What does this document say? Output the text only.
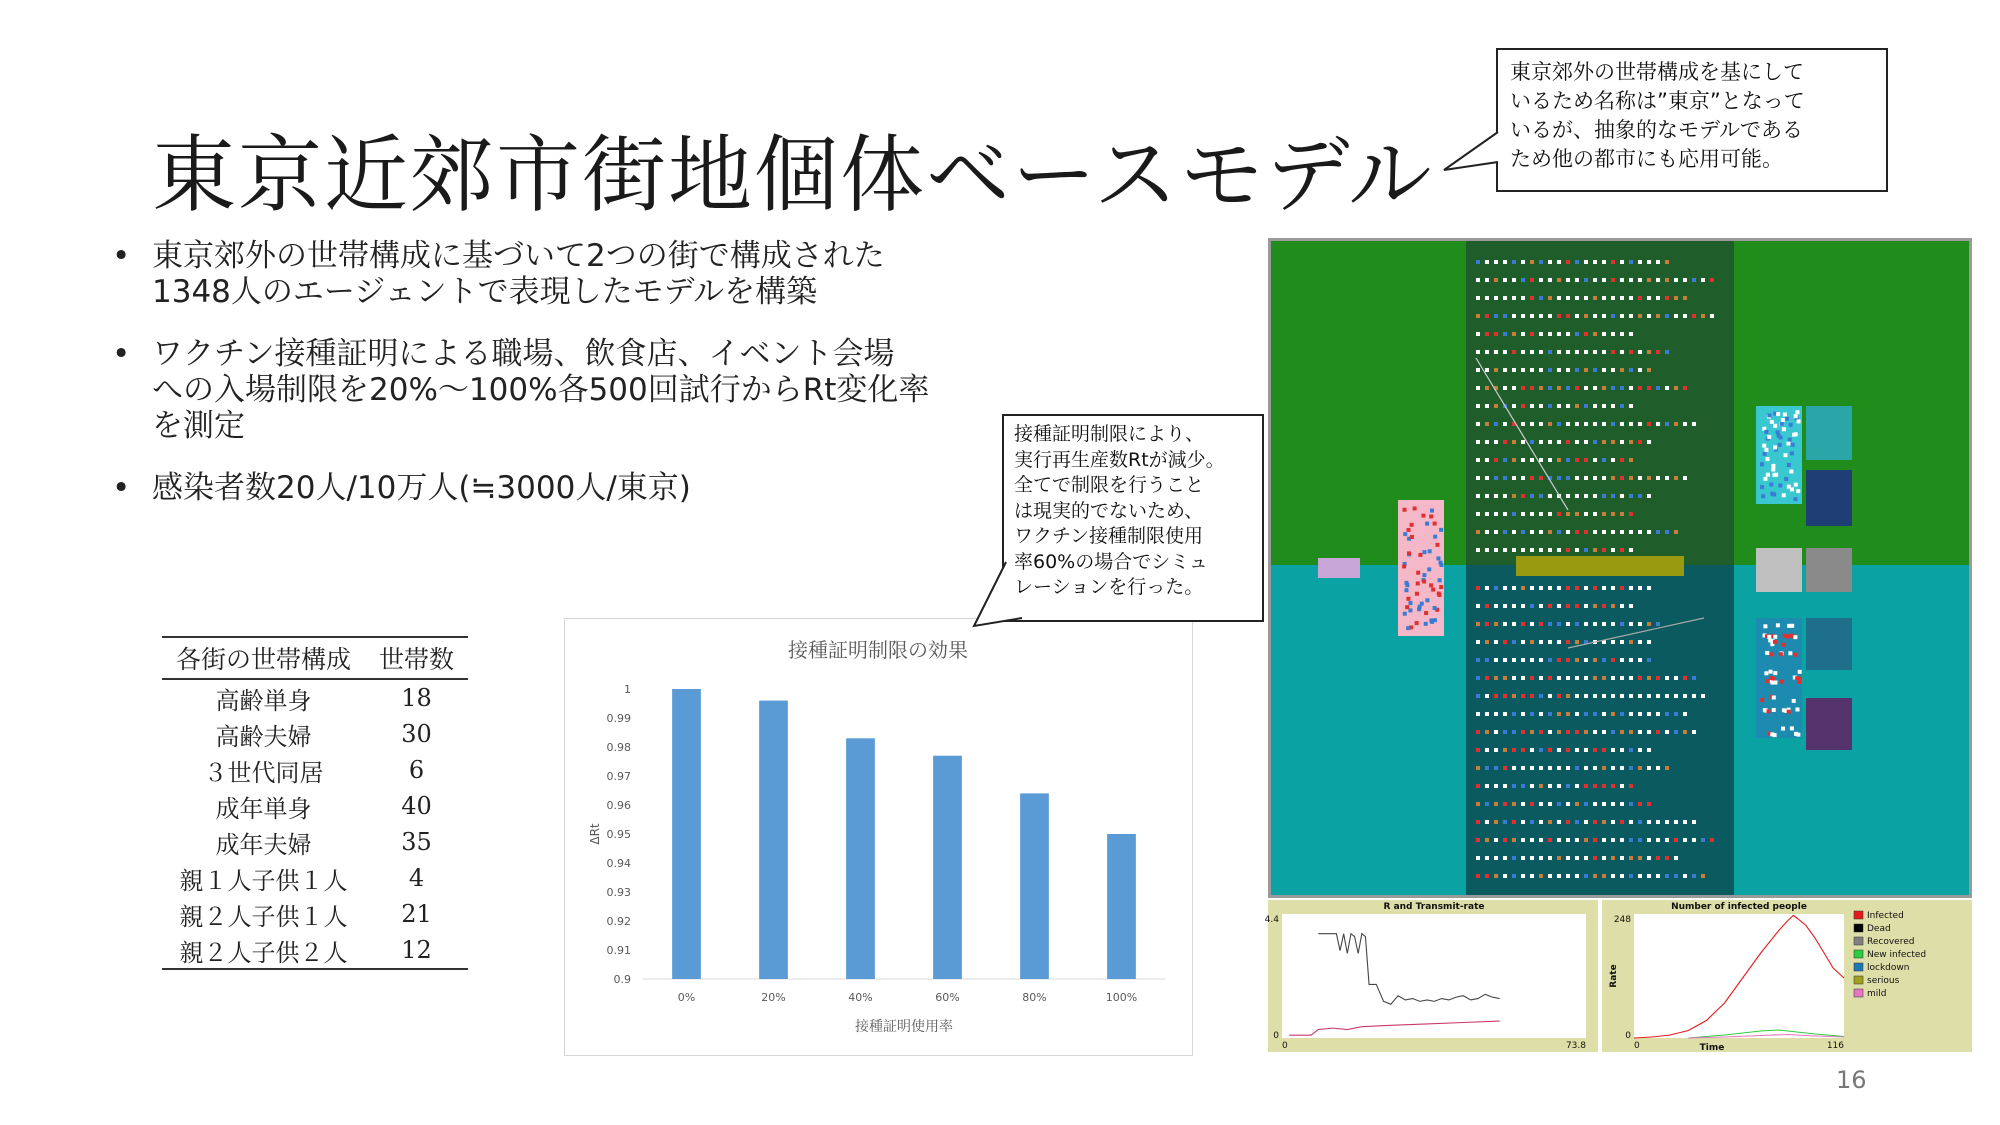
東京近郊市街地個体ベースモデル
東京郊外の世帯構成を基にして
いるため名称は”東京”となって
いるが、抽象的なモデルである
ため他の都市にも応用可能。
• 東京郊外の世帯構成に基づいて2つの街で構成された
1348人のエージェントで表現したモデルを構築
• ワクチン接種証明による職場、飲食店、イベント会場
への入場制限を20%～100%各500回試行からRt変化率
を測定
• 感染者数20人/10万人(≒3000人/東京)
各街の世帯構成	世帯数
高齢単身	18
高齢夫婦	30
３世代同居	6
成年単身	40
成年夫婦	35
親１人子供１人	4
親２人子供１人	21
親２人子供２人	12
接種証明制限の効果
1
0.99
0.98
0.97
0.96
0.95
0.94
0.93
0.92
0.91
0.9
0%	20%	40%	60%	80%	100%
接種証明使用率
ΔRt
接種証明制限により、
実行再生産数Rtが減少。
全てで制限を行うこと
は現実的でないため、
ワクチン接種制限使用
率60%の場合でシミュ
レーションを行った。
R and Transmit-rate
4.4
0
0	73.8
Number of infected people
248
0
0	116
Time
Rate
Infected
Dead
Recovered
New infected
lockdown
serious
mild
16
